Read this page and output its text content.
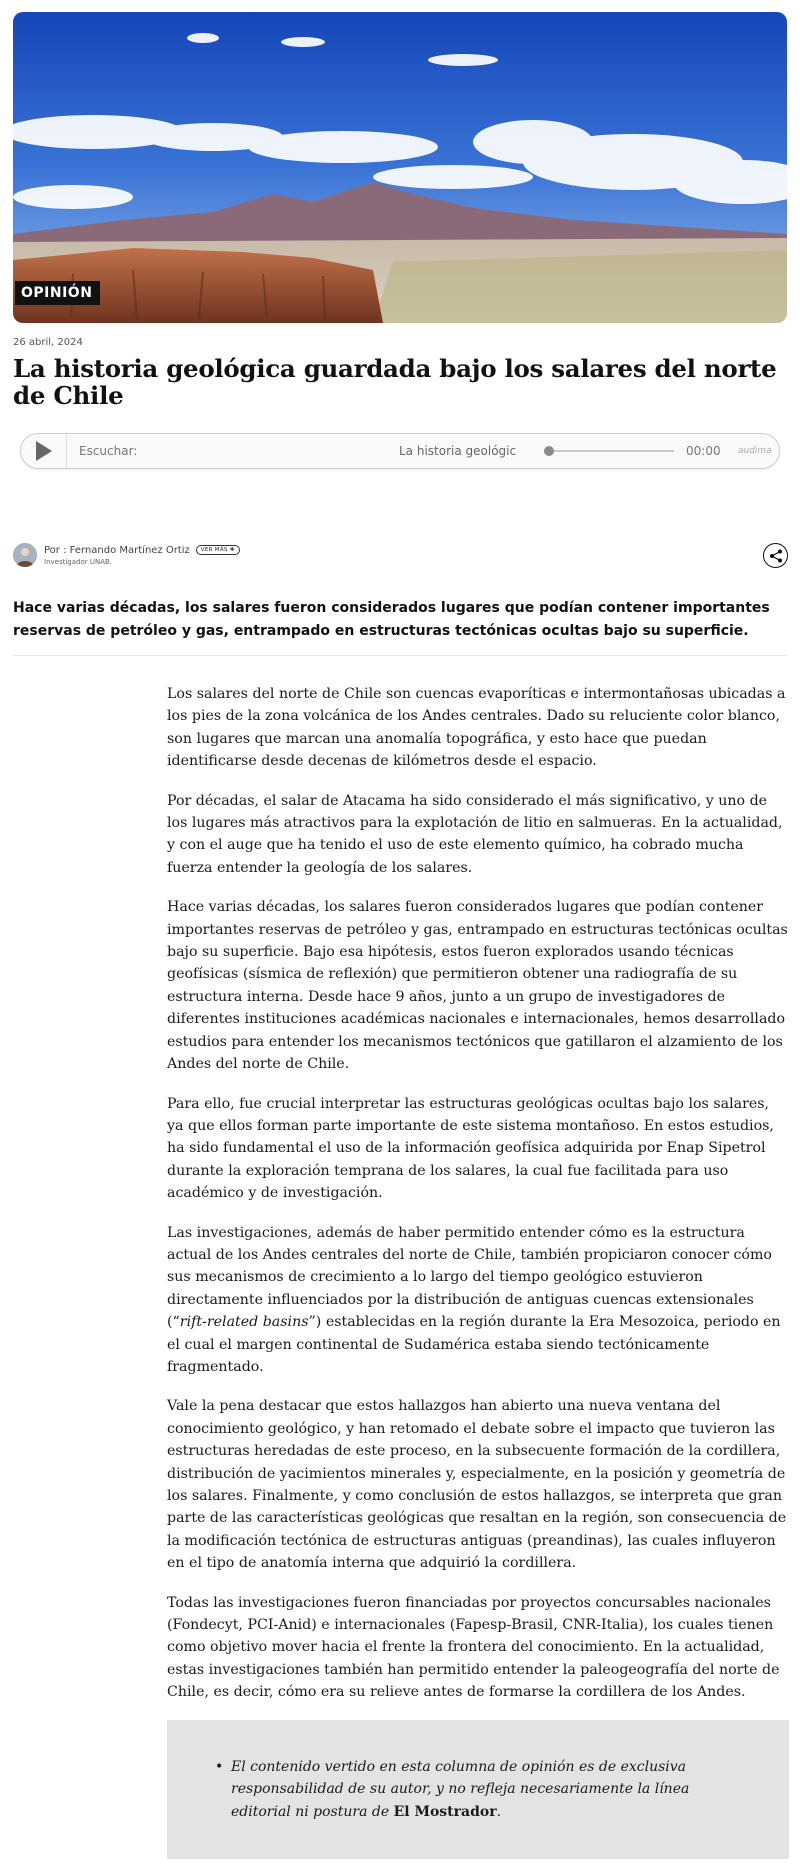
OPINIÓN
26 abril, 2024
La historia geológica guardada bajo los salares del norte de Chile
Escuchar:	La historia geológic	00:00	audima
Por : Fernando Martínez Ortiz	VER MÁS ✚
Investigador UNAB.
Hace varias décadas, los salares fueron considerados lugares que podían contener importantes reservas de petróleo y gas, entrampado en estructuras tectónicas ocultas bajo su superficie.

Los salares del norte de Chile son cuencas evaporíticas e intermontañosas ubicadas a los pies de la zona volcánica de los Andes centrales. Dado su reluciente color blanco, son lugares que marcan una anomalía topográfica, y esto hace que puedan identificarse desde decenas de kilómetros desde el espacio.

Por décadas, el salar de Atacama ha sido considerado el más significativo, y uno de los lugares más atractivos para la explotación de litio en salmueras. En la actualidad, y con el auge que ha tenido el uso de este elemento químico, ha cobrado mucha fuerza entender la geología de los salares.

Hace varias décadas, los salares fueron considerados lugares que podían contener importantes reservas de petróleo y gas, entrampado en estructuras tectónicas ocultas bajo su superficie. Bajo esa hipótesis, estos fueron explorados usando técnicas geofísicas (sísmica de reflexión) que permitieron obtener una radiografía de su estructura interna. Desde hace 9 años, junto a un grupo de investigadores de diferentes instituciones académicas nacionales e internacionales, hemos desarrollado estudios para entender los mecanismos tectónicos que gatillaron el alzamiento de los Andes del norte de Chile.

Para ello, fue crucial interpretar las estructuras geológicas ocultas bajo los salares, ya que ellos forman parte importante de este sistema montañoso. En estos estudios, ha sido fundamental el uso de la información geofísica adquirida por Enap Sipetrol durante la exploración temprana de los salares, la cual fue facilitada para uso académico y de investigación.

Las investigaciones, además de haber permitido entender cómo es la estructura actual de los Andes centrales del norte de Chile, también propiciaron conocer cómo sus mecanismos de crecimiento a lo largo del tiempo geológico estuvieron directamente influenciados por la distribución de antiguas cuencas extensionales (“rift-related basins”) establecidas en la región durante la Era Mesozoica, periodo en el cual el margen continental de Sudamérica estaba siendo tectónicamente fragmentado.

Vale la pena destacar que estos hallazgos han abierto una nueva ventana del conocimiento geológico, y han retomado el debate sobre el impacto que tuvieron las estructuras heredadas de este proceso, en la subsecuente formación de la cordillera, distribución de yacimientos minerales y, especialmente, en la posición y geometría de los salares. Finalmente, y como conclusión de estos hallazgos, se interpreta que gran parte de las características geológicas que resaltan en la región, son consecuencia de la modificación tectónica de estructuras antiguas (preandinas), las cuales influyeron en el tipo de anatomía interna que adquirió la cordillera.

Todas las investigaciones fueron financiadas por proyectos concursables nacionales (Fondecyt, PCI-Anid) e internacionales (Fapesp-Brasil, CNR-Italia), los cuales tienen como objetivo mover hacia el frente la frontera del conocimiento. En la actualidad, estas investigaciones también han permitido entender la paleogeografía del norte de Chile, es decir, cómo era su relieve antes de formarse la cordillera de los Andes.

• El contenido vertido en esta columna de opinión es de exclusiva responsabilidad de su autor, y no refleja necesariamente la línea editorial ni postura de El Mostrador.
